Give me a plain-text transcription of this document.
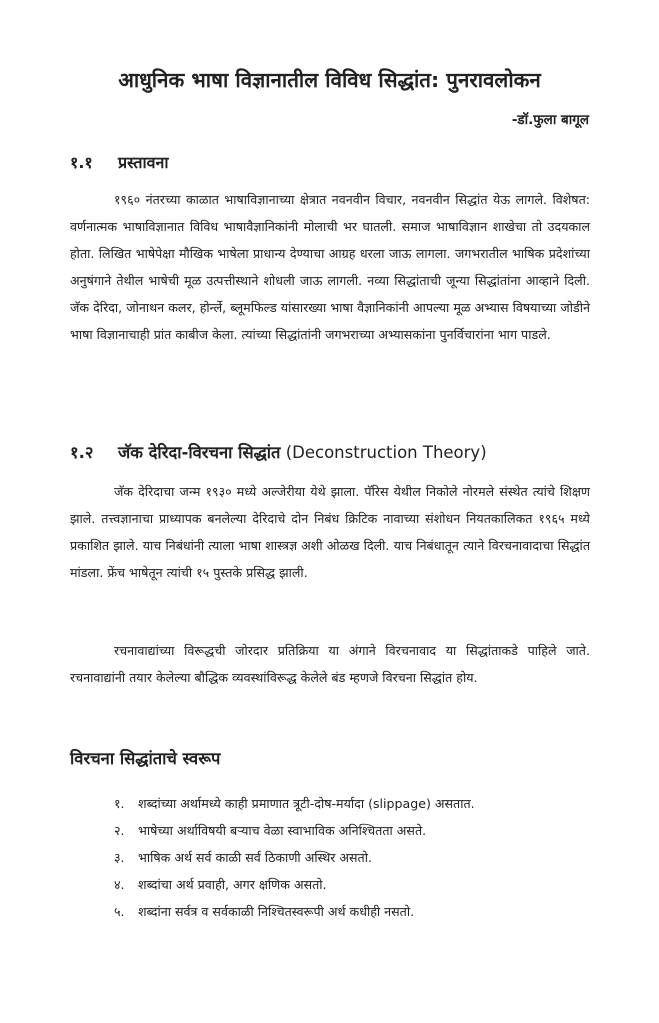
आधुनिक भाषा विज्ञानातील विविध सिद्धांत: पुनरावलोकन
-डॉ.फुला बागूल
१.१ प्रस्तावना
१९६० नंतरच्या काळात भाषाविज्ञानाच्या क्षेत्रात नवनवीन विचार, नवनवीन सिद्धांत येऊ लागले. विशेषत: वर्णनात्मक भाषाविज्ञानात विविध भाषावैज्ञानिकांनी मोलाची भर घातली. समाज भाषाविज्ञान शाखेचा तो उदयकाल होता. लिखित भाषेपेक्षा मौखिक भाषेला प्राधान्य देण्याचा आग्रह धरला जाऊ लागला. जगभरातील भाषिक प्रदेशांच्या अनुषंगाने तेथील भाषेची मूळ उत्पत्तीस्थाने शोधली जाऊ लागली. नव्या सिद्धांताची जून्या सिद्धांतांना आव्हाने दिली. जॅक देरिदा, जोनाथन कलर, होर्न्ले, ब्लूमफिल्ड यांसारख्या भाषा वैज्ञानिकांनी आपल्या मूळ अभ्यास विषयाच्या जोडीने भाषा विज्ञानाचाही प्रांत काबीज केला. त्यांच्या सिद्धांतांनी जगभराच्या अभ्यासकांना पुनर्विचारांना भाग पाडले.
१.२ जॅक देरिदा-विरचना सिद्धांत (Deconstruction Theory)
जॅक देरिदाचा जन्म १९३० मध्ये अल्जेरीया येथे झाला. पॅरिस येथील निकोले नोरमले संस्थेत त्यांचे शिक्षण झाले. तत्त्वज्ञानाचा प्राध्यापक बनलेल्या देरिदाचे दोन निबंध क्रिटिक नावाच्या संशोधन नियतकालिकत १९६५ मध्ये प्रकाशित झाले. याच निबंधांनी त्याला भाषा शास्त्रज्ञ अशी ओळख दिली. याच निबंधातून त्याने विरचनावादाचा सिद्धांत मांडला. फ्रेंच भाषेतून त्यांची १५ पुस्तके प्रसिद्ध झाली.
रचनावाद्यांच्या विरूद्धची जोरदार प्रतिक्रिया या अंगाने विरचनावाद या सिद्धांताकडे पाहिले जाते. रचनावाद्यांनी तयार केलेल्या बौद्धिक व्यवस्थांविरूद्ध केलेले बंड म्हणजे विरचना सिद्धांत होय.
विरचना सिद्धांताचे स्वरूप
१. शब्दांच्या अर्थामध्ये काही प्रमाणात त्रूटी-दोष-मर्यादा (slippage) असतात.
२. भाषेच्या अर्थाविषयी बऱ्याच वेळा स्वाभाविक अनिश्चितता असते.
३. भाषिक अर्थ सर्व काळी सर्व ठिकाणी अस्थिर असतो.
४. शब्दांचा अर्थ प्रवाही, अगर क्षणिक असतो.
५. शब्दांना सर्वत्र व सर्वकाळी निश्चितस्वरूपी अर्थ कधीही नसतो.
